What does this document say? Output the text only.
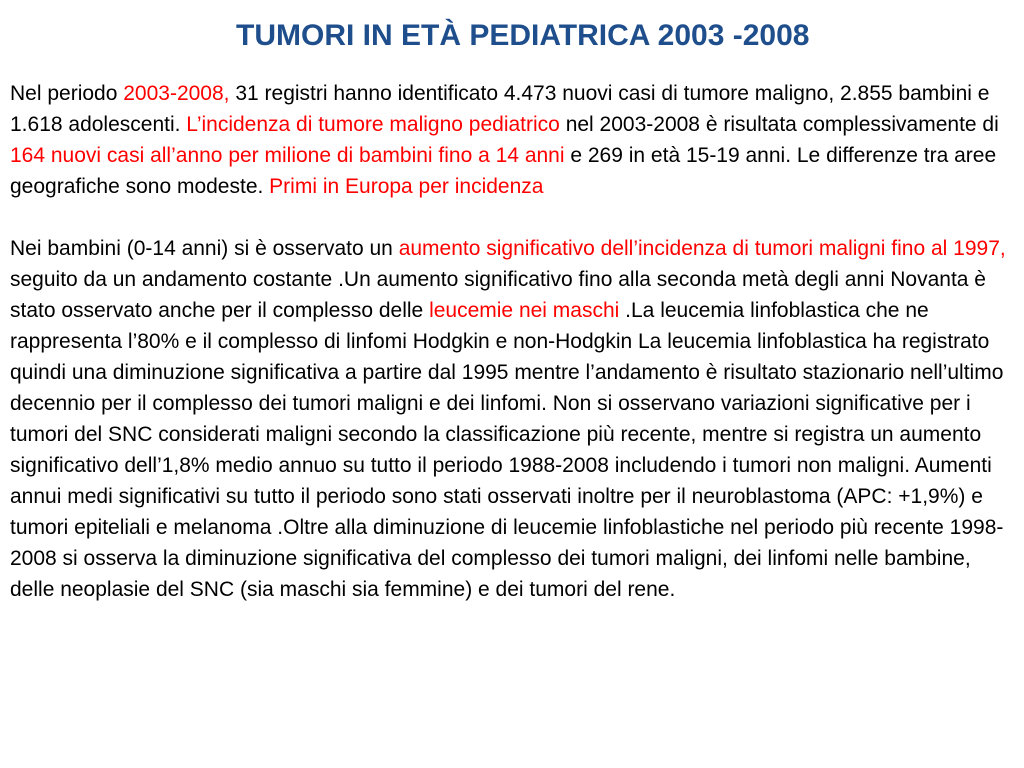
TUMORI IN ETÀ PEDIATRICA 2003 -2008

Nel periodo 2003-2008, 31 registri hanno identificato 4.473 nuovi casi di tumore maligno, 2.855 bambini e 1.618 adolescenti. L’incidenza di tumore maligno pediatrico nel 2003-2008 è risultata complessivamente di 164 nuovi casi all’anno per milione di bambini fino a 14 anni e 269 in età 15-19 anni. Le differenze tra aree geografiche sono modeste. Primi in Europa per incidenza

Nei bambini (0-14 anni) si è osservato un aumento significativo dell’incidenza di tumori maligni fino al 1997, seguito da un andamento costante .Un aumento significativo fino alla seconda metà degli anni Novanta è stato osservato anche per il complesso delle leucemie nei maschi .La leucemia linfoblastica che ne rappresenta l’80% e il complesso di linfomi Hodgkin e non-Hodgkin La leucemia linfoblastica ha registrato quindi una diminuzione significativa a partire dal 1995 mentre l’andamento è risultato stazionario nell’ultimo decennio per il complesso dei tumori maligni e dei linfomi. Non si osservano variazioni significative per i tumori del SNC considerati maligni secondo la classificazione più recente, mentre si registra un aumento significativo dell’1,8% medio annuo su tutto il periodo 1988-2008 includendo i tumori non maligni. Aumenti annui medi significativi su tutto il periodo sono stati osservati inoltre per il neuroblastoma (APC: +1,9%) e tumori epiteliali e melanoma .Oltre alla diminuzione di leucemie linfoblastiche nel periodo più recente 1998-2008 si osserva la diminuzione significativa del complesso dei tumori maligni, dei linfomi nelle bambine, delle neoplasie del SNC (sia maschi sia femmine) e dei tumori del rene.
